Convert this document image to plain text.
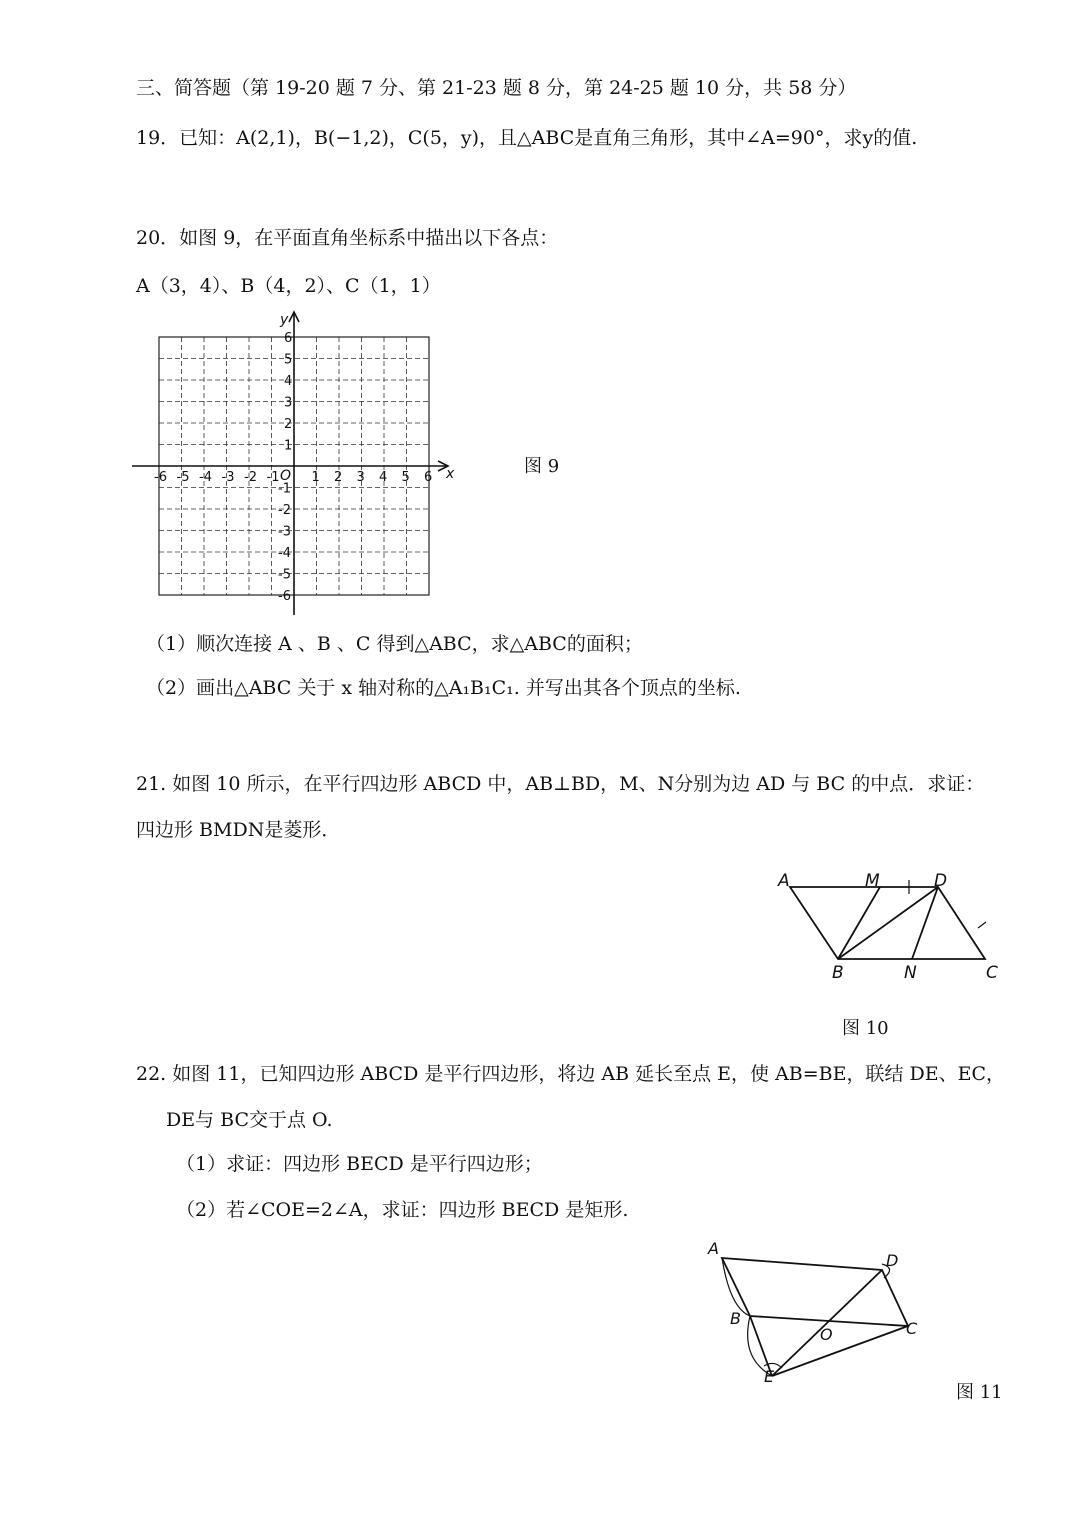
三、简答题（第 19-20 题 7 分、第 21-23 题 8 分，第 24-25 题 10 分，共 58 分）
19．已知：A(2,1)，B(−1,2)，C(5，y)，且△ABC是直角三角形，其中∠A=90°，求y的值.
20．如图 9，在平面直角坐标系中描出以下各点：
A（3，4）、B（4，2）、C（1，1）
-6 -5 -4 -3 -2 -1 1 2 3 4 5 6
6
5
4
3
2
1
-1
-2
-3
-4
-5
-6
x
y
O	图 9
（1）顺次连接 A 、B 、C 得到△ABC，求△ABC的面积；
（2）画出△ABC 关于 x 轴对称的△A₁B₁C₁. 并写出其各个顶点的坐标.
21. 如图 10 所示，在平行四边形 ABCD 中，AB⊥BD，M、N分别为边 AD 与 BC 的中点．求证：
四边形 BMDN是菱形．
A	M	D
B	N	C
图 10
22. 如图 11，已知四边形 ABCD 是平行四边形，将边 AB 延长至点 E，使 AB=BE，联结 DE、EC，
DE与 BC交于点 O.
（1）求证：四边形 BECD 是平行四边形；
（2）若∠COE=2∠A，求证：四边形 BECD 是矩形.
A
D
B
O	C
E
图 11
